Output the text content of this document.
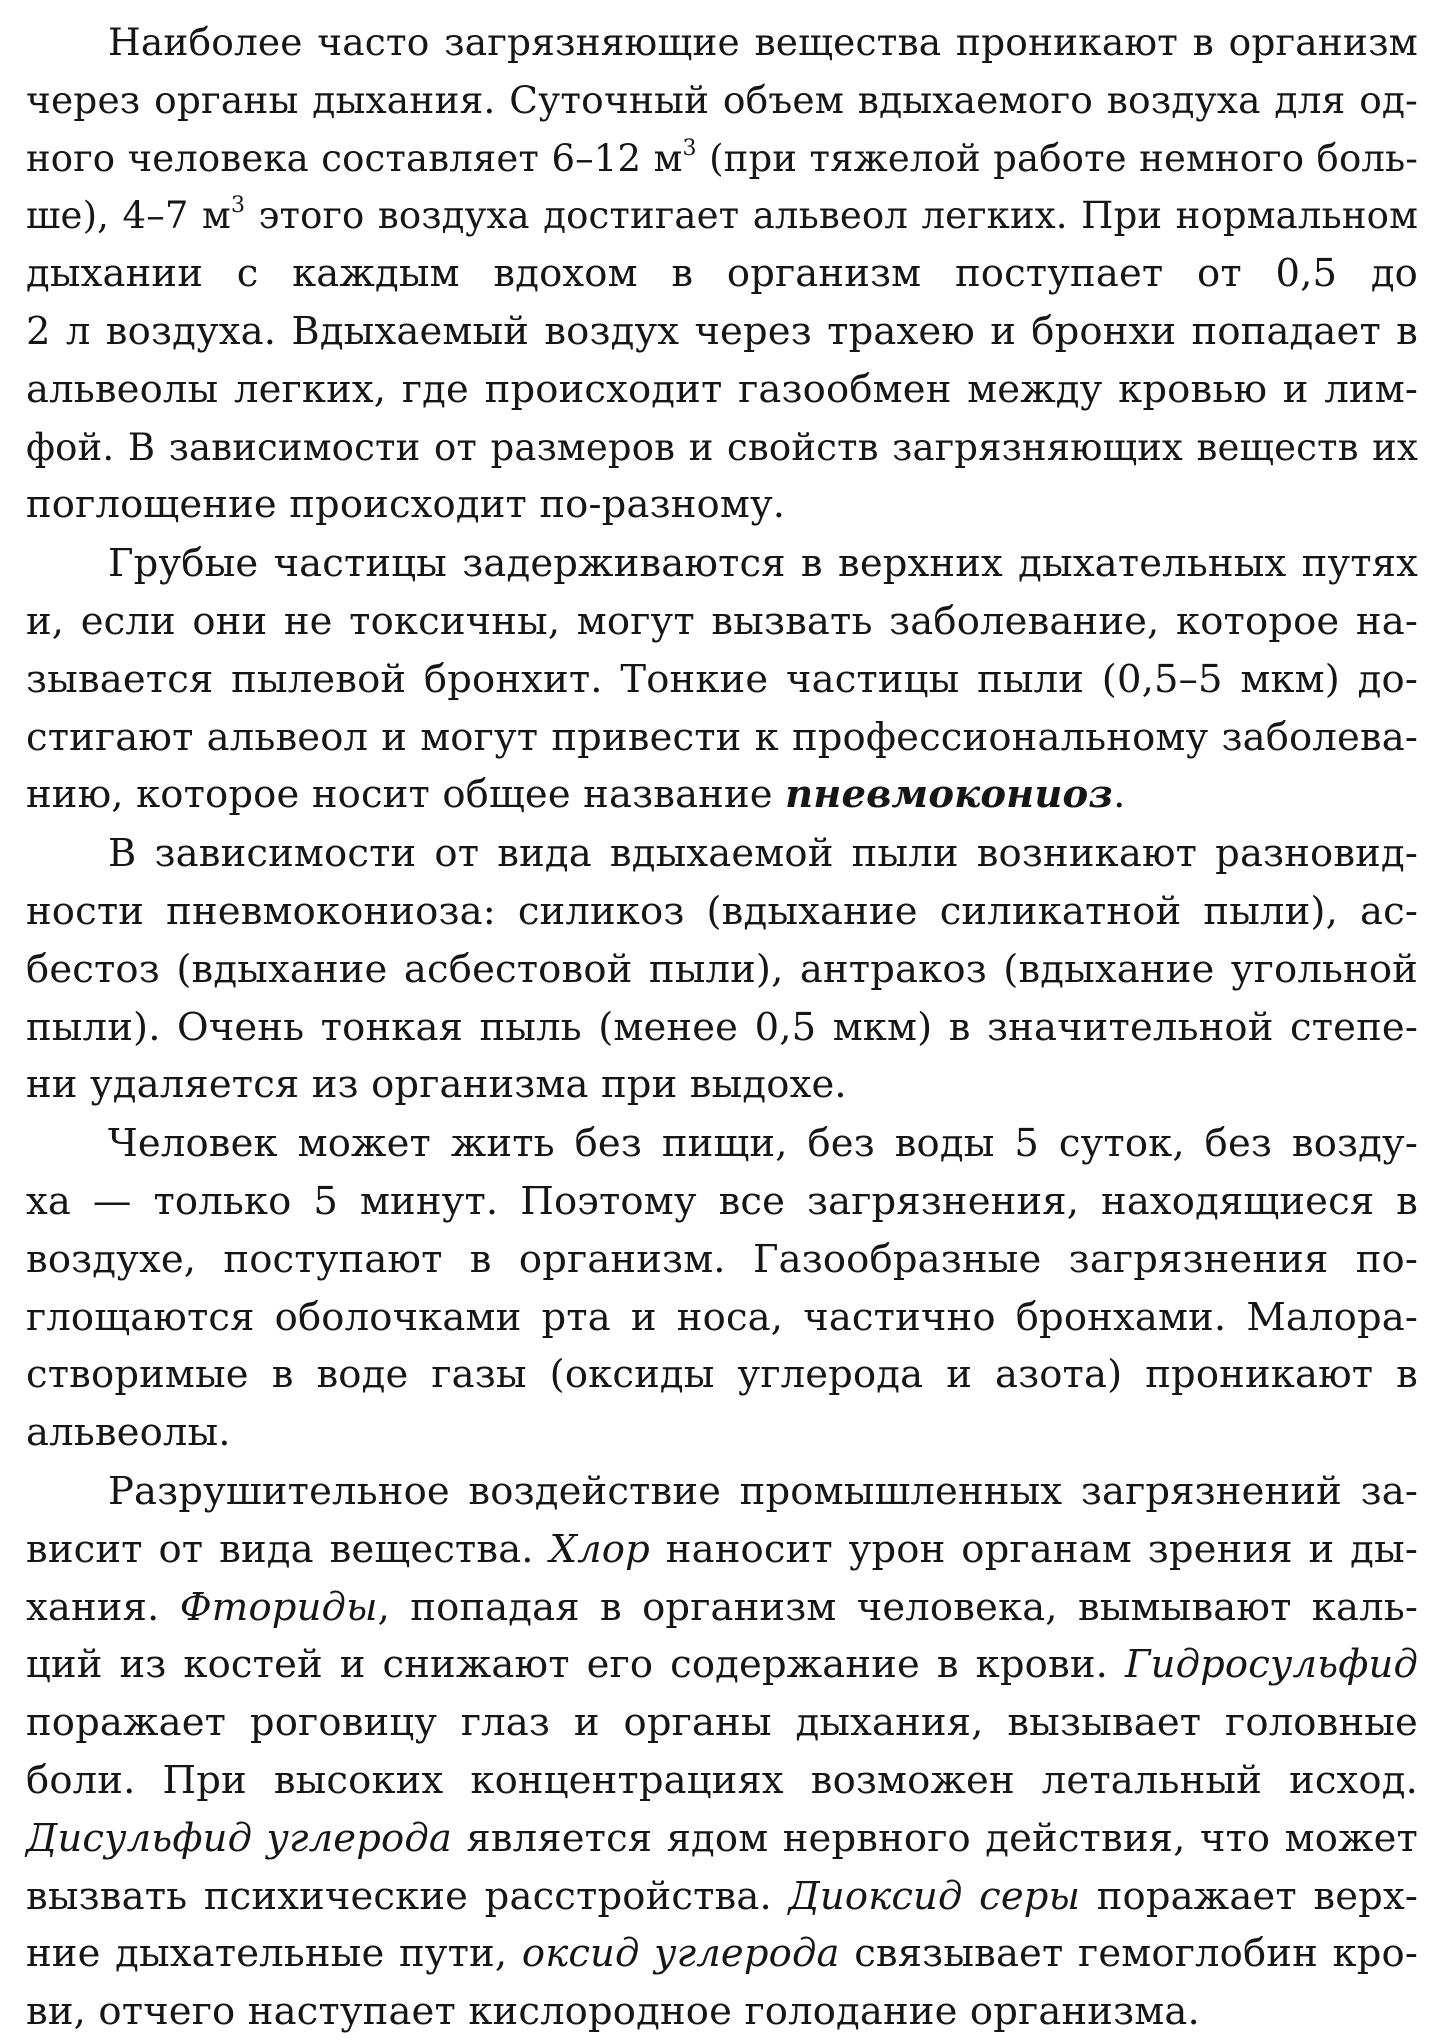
Наиболее часто загрязняющие вещества проникают в организм
через органы дыхания. Суточный объем вдыхаемого воздуха для од-
ного человека составляет 6–12 $м^3$ (при тяжелой работе немного боль-
ше), 4–7 $м^3$ этого воздуха достигает альвеол легких. При нормальном
дыхании с каждым вдохом в организм поступает от 0,5 до
2 л воздуха. Вдыхаемый воздух через трахею и бронхи попадает в
альвеолы легких, где происходит газообмен между кровью и лим-
фой. В зависимости от размеров и свойств загрязняющих веществ их
поглощение происходит по-разному.
Грубые частицы задерживаются в верхних дыхательных путях
и, если они не токсичны, могут вызвать заболевание, которое на-
зывается пылевой бронхит. Тонкие частицы пыли (0,5–5 мкм) до-
стигают альвеол и могут привести к профессиональному заболева-
нию, которое носит общее название пневмокониоз.
В зависимости от вида вдыхаемой пыли возникают разновид-
ности пневмокониоза: силикоз (вдыхание силикатной пыли), ас-
бестоз (вдыхание асбестовой пыли), антракоз (вдыхание угольной
пыли). Очень тонкая пыль (менее 0,5 мкм) в значительной степе-
ни удаляется из организма при выдохе.
Человек может жить без пищи, без воды 5 суток, без возду-
ха — только 5 минут. Поэтому все загрязнения, находящиеся в
воздухе, поступают в организм. Газообразные загрязнения по-
глощаются оболочками рта и носа, частично бронхами. Малора-
створимые в воде газы (оксиды углерода и азота) проникают в
альвеолы.
Разрушительное воздействие промышленных загрязнений за-
висит от вида вещества. Хлор наносит урон органам зрения и ды-
хания. Фториды, попадая в организм человека, вымывают каль-
ций из костей и снижают его содержание в крови. Гидросульфид
поражает роговицу глаз и органы дыхания, вызывает головные
боли. При высоких концентрациях возможен летальный исход.
Дисульфид углерода является ядом нервного действия, что может
вызвать психические расстройства. Диоксид серы поражает верх-
ние дыхательные пути, оксид углерода связывает гемоглобин кро-
ви, отчего наступает кислородное голодание организма.
